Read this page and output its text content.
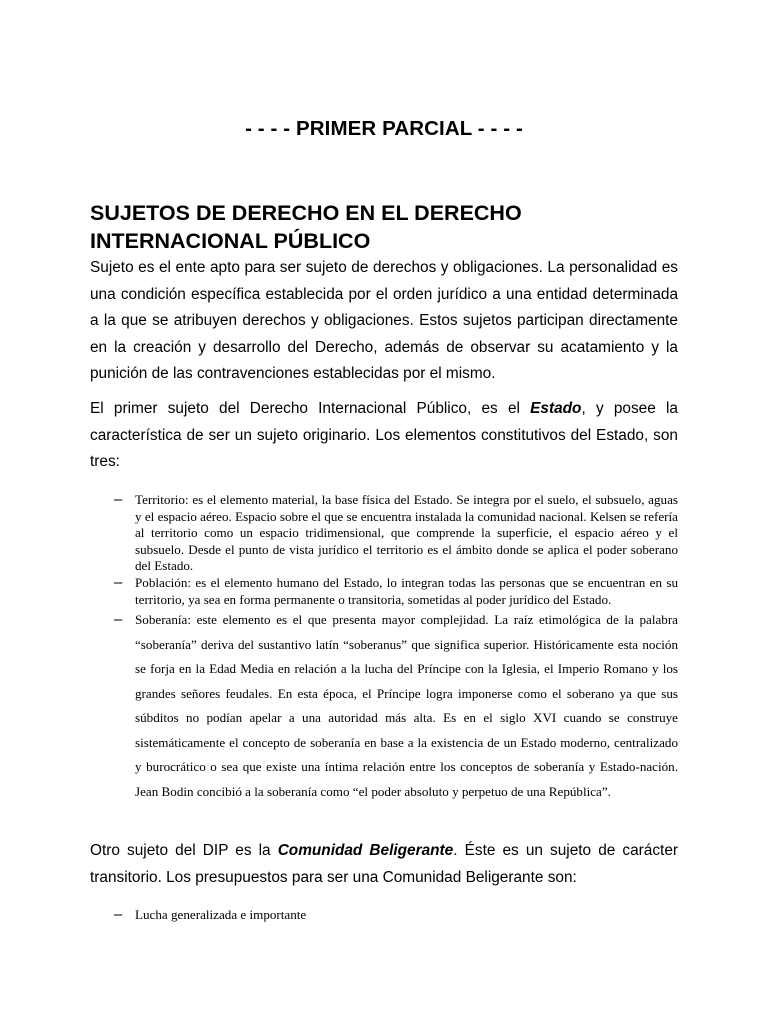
- - - - PRIMER PARCIAL - - - -
SUJETOS DE DERECHO EN EL DERECHO INTERNACIONAL PÚBLICO

Sujeto es el ente apto para ser sujeto de derechos y obligaciones. La personalidad es una condición específica establecida por el orden jurídico a una entidad determinada a la que se atribuyen derechos y obligaciones. Estos sujetos participan directamente en la creación y desarrollo del Derecho, además de observar su acatamiento y la punición de las contravenciones establecidas por el mismo.

El primer sujeto del Derecho Internacional Público, es el Estado, y posee la característica de ser un sujeto originario. Los elementos constitutivos del Estado, son tres:

– Territorio: es el elemento material, la base física del Estado. Se integra por el suelo, el subsuelo, aguas y el espacio aéreo. Espacio sobre el que se encuentra instalada la comunidad nacional. Kelsen se refería al territorio como un espacio tridimensional, que comprende la superficie, el espacio aéreo y el subsuelo. Desde el punto de vista jurídico el territorio es el ámbito donde se aplica el poder soberano del Estado.
– Población: es el elemento humano del Estado, lo integran todas las personas que se encuentran en su territorio, ya sea en forma permanente o transitoria, sometidas al poder jurídico del Estado.
– Soberanía: este elemento es el que presenta mayor complejidad. La raíz etimológica de la palabra “soberanía” deriva del sustantivo latín “soberanus” que significa superior. Históricamente esta noción se forja en la Edad Media en relación a la lucha del Príncipe con la Iglesia, el Imperio Romano y los grandes señores feudales. En esta época, el Príncipe logra imponerse como el soberano ya que sus súbditos no podían apelar a una autoridad más alta. Es en el siglo XVI cuando se construye sistemáticamente el concepto de soberanía en base a la existencia de un Estado moderno, centralizado y burocrático o sea que existe una íntima relación entre los conceptos de soberanía y Estado-nación. Jean Bodin concibió a la soberanía como “el poder absoluto y perpetuo de una República”.

Otro sujeto del DIP es la Comunidad Beligerante. Éste es un sujeto de carácter transitorio. Los presupuestos para ser una Comunidad Beligerante son:

– Lucha generalizada e importante
